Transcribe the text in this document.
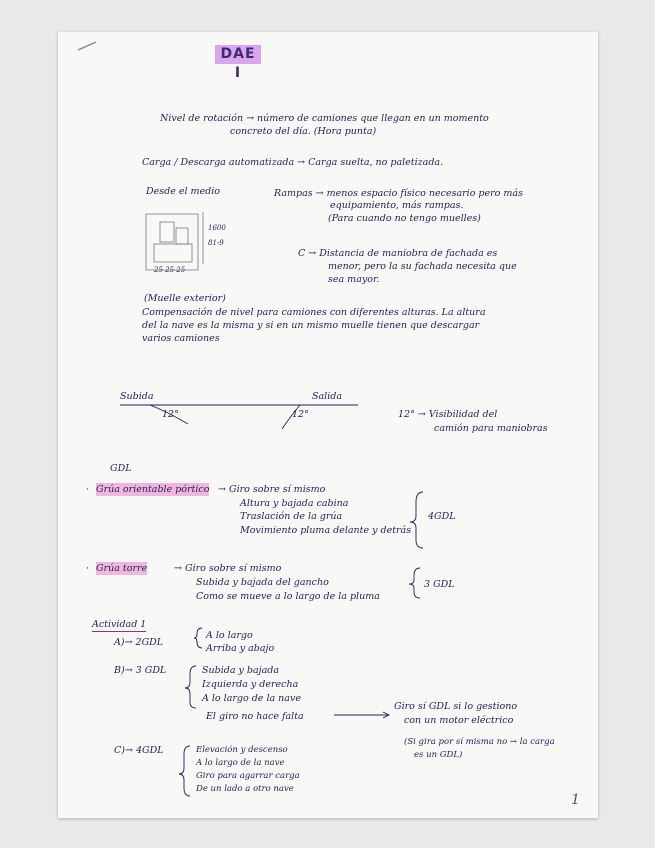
DAE I
Nivel de rotación → número de camiones que llegan en un momento
concreto del día. (Hora punta)
Carga / Descarga automatizada → Carga suelta, no paletizada.
Desde el medio
1600
81-9
25 25 25
Rampas → menos espacio físico necesario pero más
equipamiento, más rampas.
(Para cuando no tengo muelles)
C → Distancia de maniobra de fachada es
menor, pero la su fachada necesita que
sea mayor.
(Muelle exterior)
Compensación de nivel para camiones con diferentes alturas. La altura
del la nave es la misma y si en un mismo muelle tienen que descargar
varios camiones
Subida	Salida
12°	12°	12° → Visibilidad del
camión para maniobras
GDL
· Grúa orientable pórtico → Giro sobre sí mismo
Altura y bajada cabina
Traslación de la grúa
Movimiento pluma delante y detrás
4GDL
· Grúa torre	→ Giro sobre sí mismo
Subida y bajada del gancho
Como se mueve a lo largo de la pluma
3 GDL
Actividad 1
A)→ 2GDL
A lo largo
Arriba y abajo
B)→ 3 GDL	Subida y bajada
Izquierda y derecha
A lo largo de la nave
El giro no hace falta
Giro sí GDL si lo gestiono
con un motor eléctrico
C)→ 4GDL	Elevación y descenso
A lo largo de la nave
Giro para agarrar carga
De un lado a otro nave
(Si gira por sí misma no → la carga
es un GDL)
1
